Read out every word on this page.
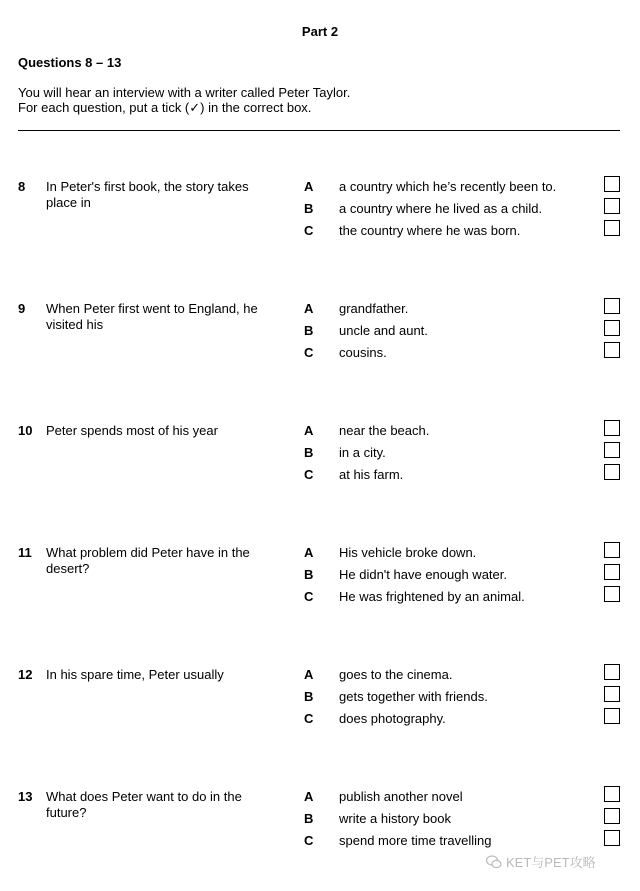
Part 2
Questions 8 – 13
You will hear an interview with a writer called Peter Taylor.
For each question, put a tick (✓) in the correct box.
8 In Peter's first book, the story takes place in
A a country which he’s recently been to.
B a country where he lived as a child.
C the country where he was born.
9 When Peter first went to England, he visited his
A grandfather.
B uncle and aunt.
C cousins.
10 Peter spends most of his year	A near the beach.
B in a city.
C at his farm.
11 What problem did Peter have in the desert?
A His vehicle broke down.
B He didn't have enough water.
C He was frightened by an animal.
12 In his spare time, Peter usually	A goes to the cinema.
B gets together with friends.
C does photography.
13 What does Peter want to do in the future?
A publish another novel
B write a history book
C spend more time travelling
KET与PET攻略
